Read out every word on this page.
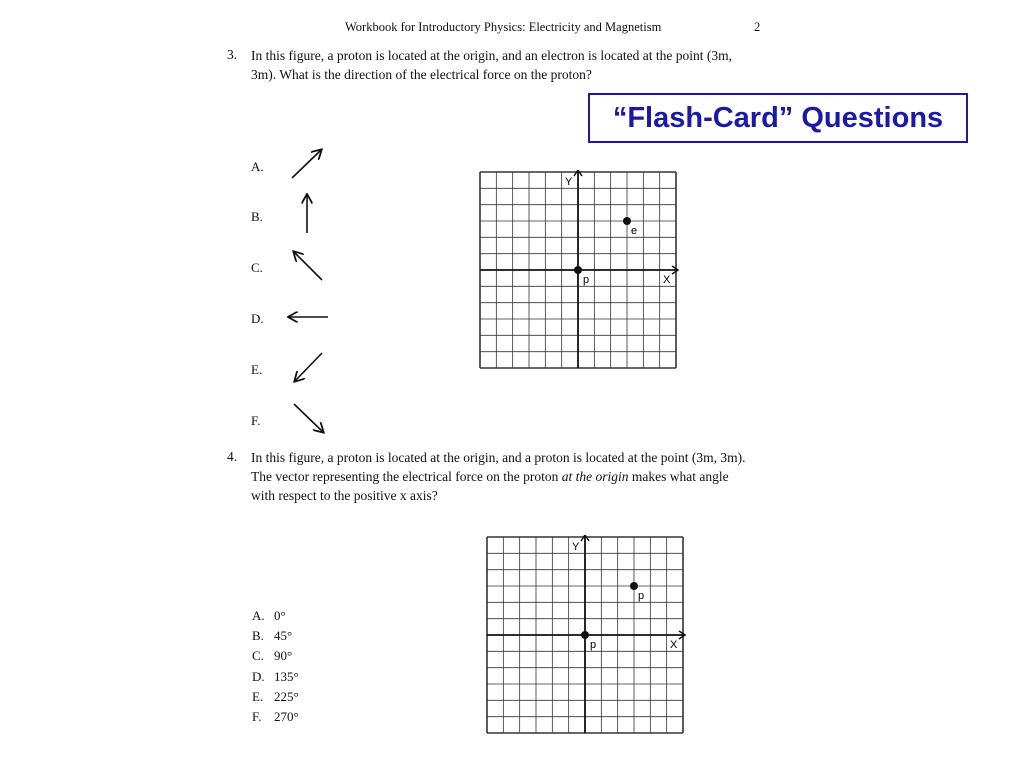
Workbook for Introductory Physics: Electricity and Magnetism	2
3. In this figure, a proton is located at the origin, and an electron is located at the point (3m,
3m). What is the direction of the electrical force on the proton?
“Flash-Card” Questions
A.
B.
C.
D.
E.
F.
Y
X
p
e
4. In this figure, a proton is located at the origin, and a proton is located at the point (3m, 3m).
The vector representing the electrical force on the proton at the origin makes what angle
with respect to the positive x axis?
Y
X
p
p
A. 0°
B. 45°
C. 90°
D. 135°
E. 225°
F. 270°
